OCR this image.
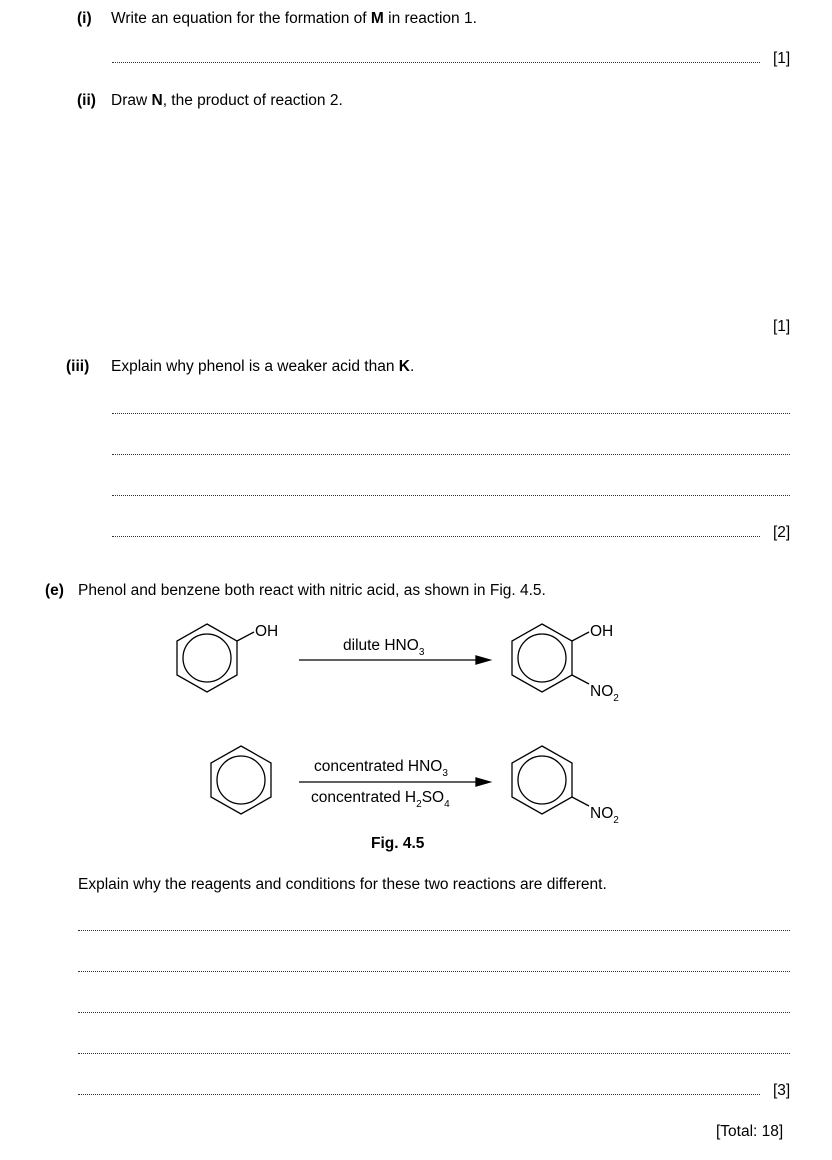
(i) Write an equation for the formation of M in reaction 1.
[1]
(ii) Draw N, the product of reaction 2.
[1]
(iii) Explain why phenol is a weaker acid than K.
[2]
(e) Phenol and benzene both react with nitric acid, as shown in Fig. 4.5.
OH
dilute $HNO_3$
OH
$NO_2$
concentrated $HNO_3$
concentrated $H_2SO_4$
$NO_2$
Fig. 4.5
Explain why the reagents and conditions for these two reactions are different.
[3]
[Total: 18]
